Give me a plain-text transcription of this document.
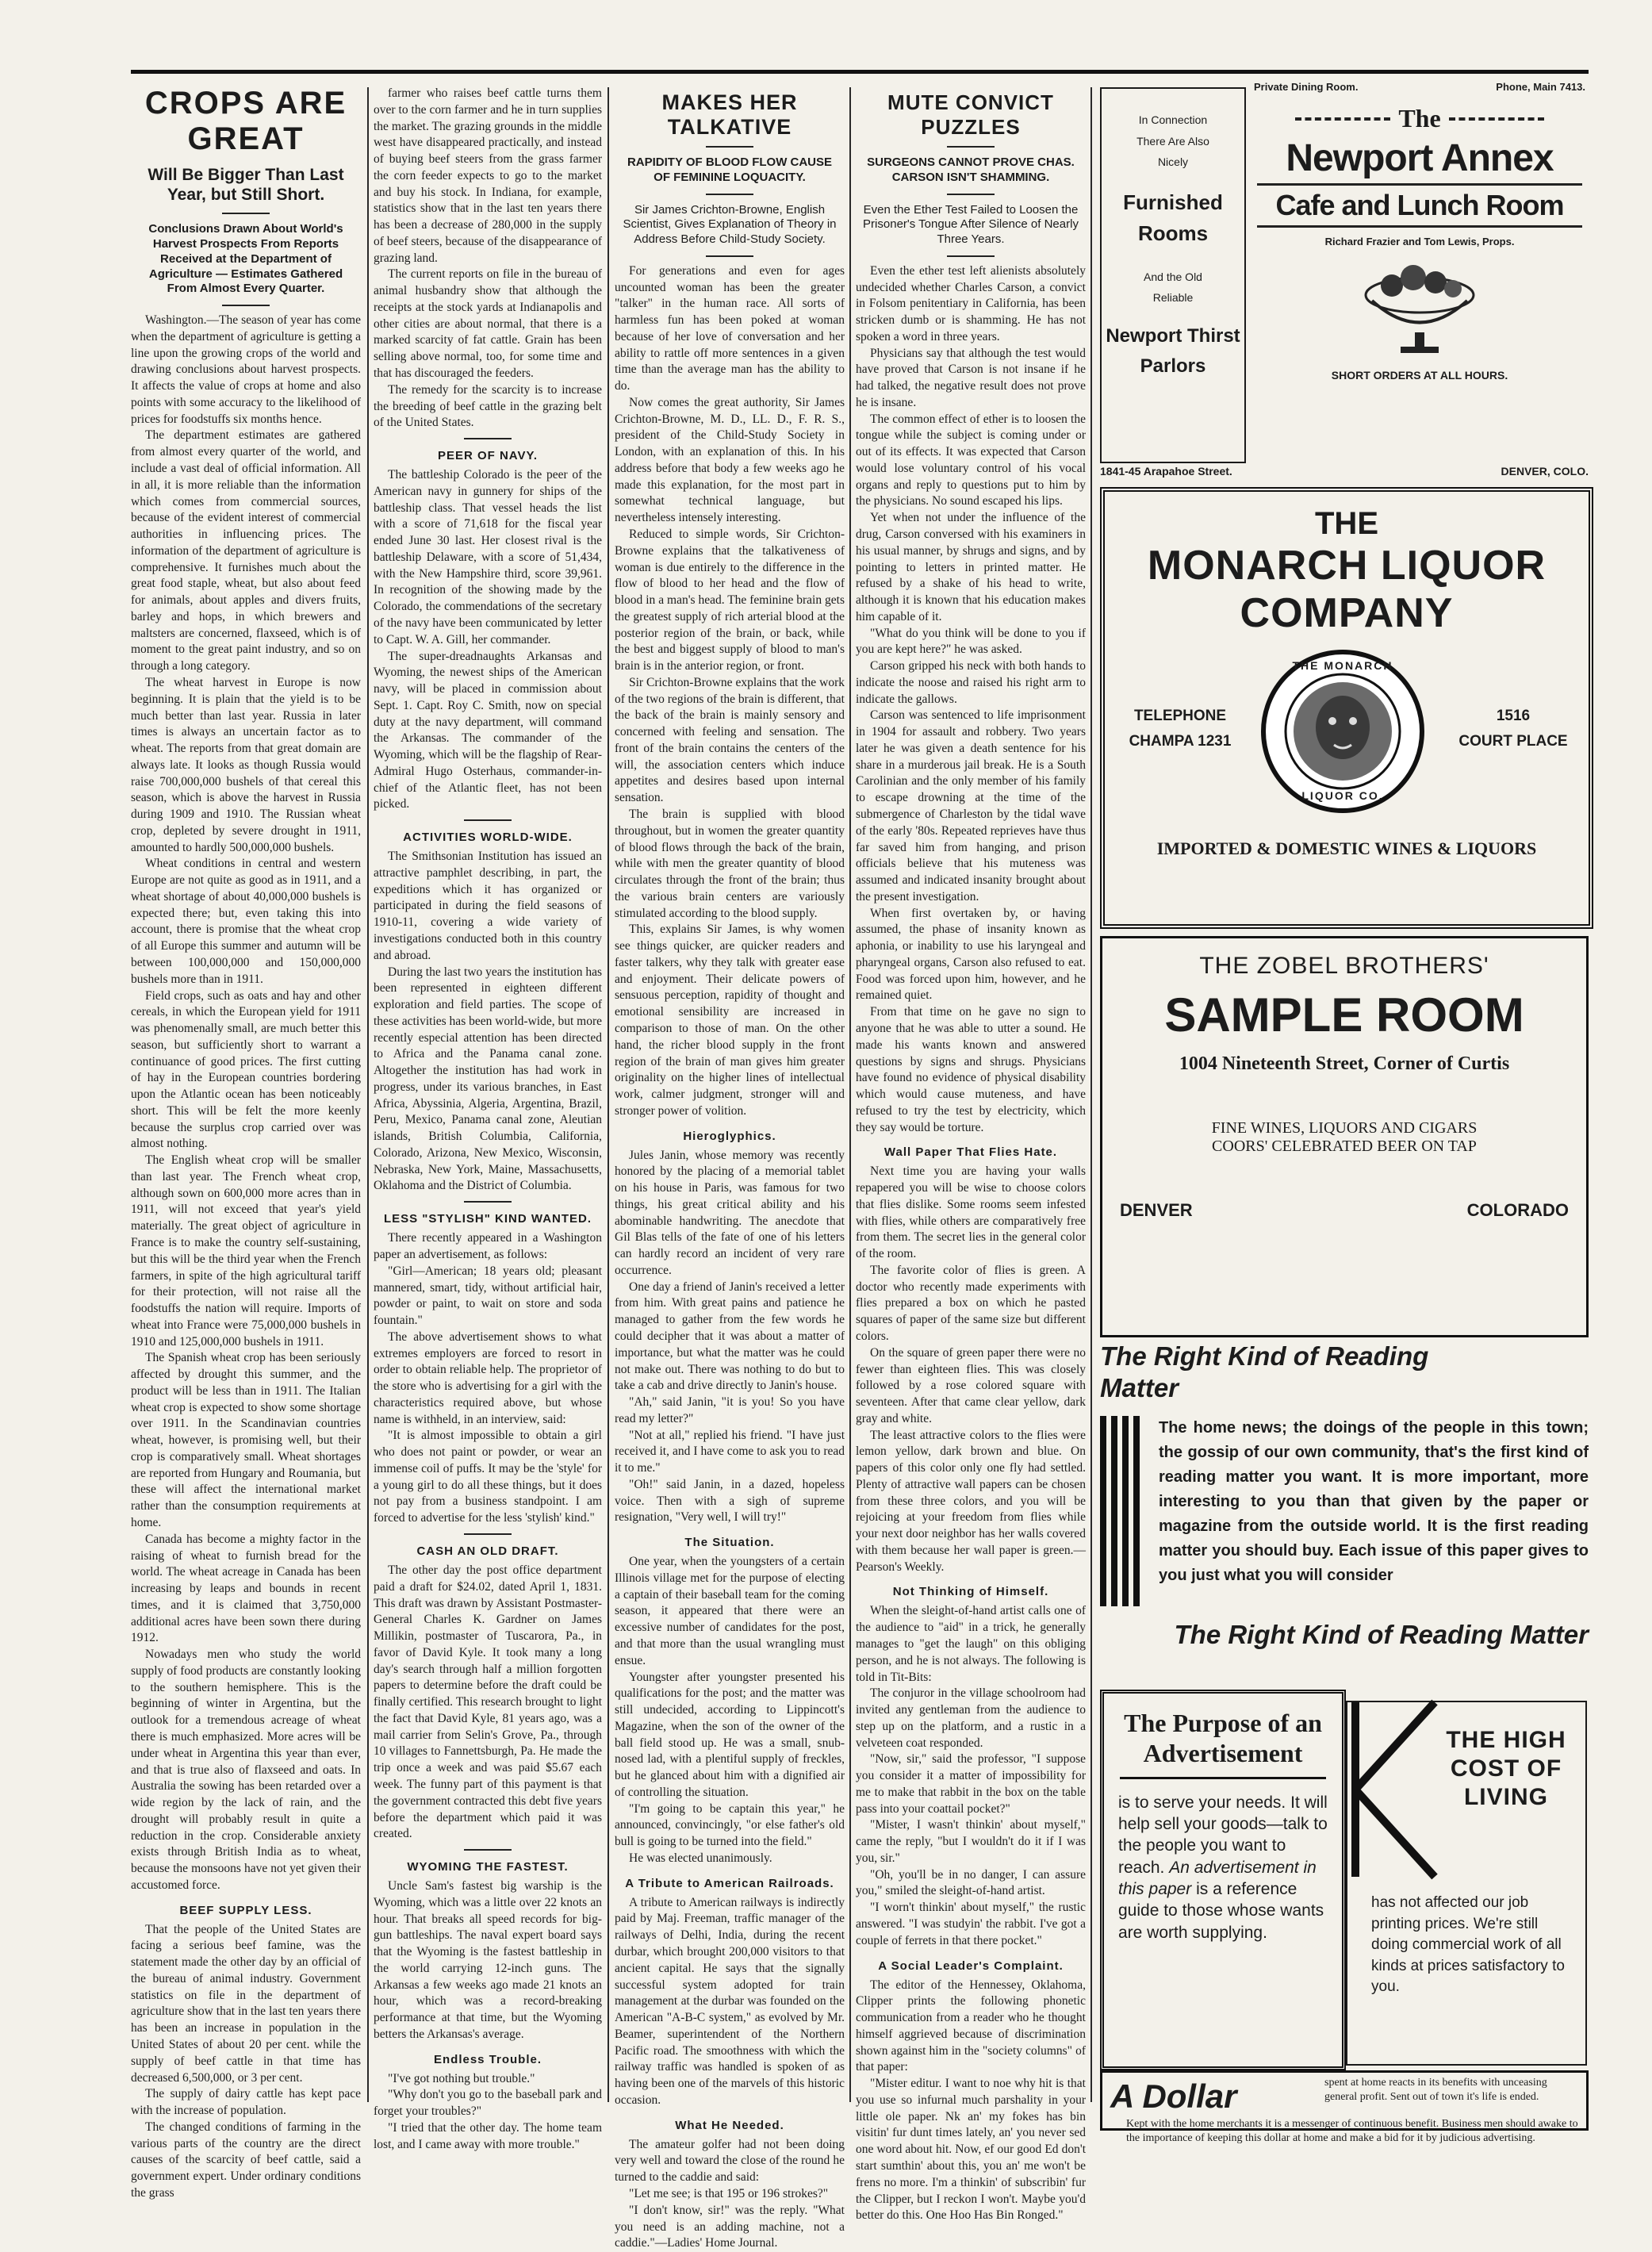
CROPS ARE GREAT
Will Be Bigger Than Last Year, but Still Short.
Conclusions Drawn About World's Harvest Prospects From Reports Received at the Department of Agriculture — Estimates Gathered From Almost Every Quarter.

Washington.—The season of year has come when the department of agriculture is getting a line upon the growing crops of the world and drawing conclusions about harvest prospects. It affects the value of crops at home and also points with some accuracy to the likelihood of prices for foodstuffs six months hence.

The department estimates are gathered from almost every quarter of the world, and include a vast deal of official information. All in all, it is more reliable than the information which comes from commercial sources, because of the evident interest of commercial authorities in influencing prices. The information of the department of agriculture is comprehensive. It furnishes much about the great food staple, wheat, but also about feed for animals, about apples and divers fruits, barley and hops, in which brewers and maltsters are concerned, flaxseed, which is of moment to the great paint industry, and so on through a long category.

The wheat harvest in Europe is now beginning. It is plain that the yield is to be much better than last year. Russia in later times is always an uncertain factor as to wheat. The reports from that great domain are always late. It looks as though Russia would raise 700,000,000 bushels of that cereal this season, which is above the harvest in Russia during 1909 and 1910. The Russian wheat crop, depleted by severe drought in 1911, amounted to hardly 500,000,000 bushels.

Wheat conditions in central and western Europe are not quite as good as in 1911, and a wheat shortage of about 40,000,000 bushels is expected there; but, even taking this into account, there is promise that the wheat crop of all Europe this summer and autumn will be between 100,000,000 and 150,000,000 bushels more than in 1911.

Field crops, such as oats and hay and other cereals, in which the European yield for 1911 was phenomenally small, are much better this season, but sufficiently short to warrant a continuance of good prices. The first cutting of hay in the European countries bordering upon the Atlantic ocean has been noticeably short. This will be felt the more keenly because the surplus crop carried over was almost nothing.

The English wheat crop will be smaller than last year. The French wheat crop, although sown on 600,000 more acres than in 1911, will not exceed that year's yield materially. The great object of agriculture in France is to make the country self-sustaining, but this will be the third year when the French farmers, in spite of the high agricultural tariff for their protection, will not raise all the foodstuffs the nation will require. Imports of wheat into France were 75,000,000 bushels in 1910 and 125,000,000 bushels in 1911.

The Spanish wheat crop has been seriously affected by drought this summer, and the product will be less than in 1911. The Italian wheat crop is expected to show some shortage over 1911. In the Scandinavian countries wheat, however, is promising well, but their crop is comparatively small. Wheat shortages are reported from Hungary and Roumania, but these will affect the international market rather than the consumption requirements at home.

Canada has become a mighty factor in the raising of wheat to furnish bread for the world. The wheat acreage in Canada has been increasing by leaps and bounds in recent times, and it is claimed that 3,750,000 additional acres have been sown there during 1912.

Nowadays men who study the world supply of food products are constantly looking to the southern hemisphere. This is the beginning of winter in Argentina, but the outlook for a tremendous acreage of wheat there is much emphasized. More acres will be under wheat in Argentina this year than ever, and that is true also of flaxseed and oats. In Australia the sowing has been retarded over a wide region by the lack of rain, and the drought will probably result in quite a reduction in the crop. Considerable anxiety exists through British India as to wheat, because the monsoons have not yet given their accustomed force.

BEEF SUPPLY LESS.

That the people of the United States are facing a serious beef famine, was the statement made the other day by an official of the bureau of animal industry. Government statistics on file in the department of agriculture show that in the last ten years there has been an increase in population in the United States of about 20 per cent. while the supply of beef cattle in that time has decreased 6,500,000, or 3 per cent.

The supply of dairy cattle has kept pace with the increase of population.

The changed conditions of farming in the various parts of the country are the direct causes of the scarcity of beef cattle, said a government expert. Under ordinary conditions the grass

farmer who raises beef cattle turns them over to the corn farmer and he in turn supplies the market. The grazing grounds in the middle west have disappeared practically, and instead of buying beef steers from the grass farmer the corn feeder expects to go to the market and buy his stock. In Indiana, for example, statistics show that in the last ten years there has been a decrease of 280,000 in the supply of beef steers, because of the disappearance of grazing land.

The current reports on file in the bureau of animal husbandry show that although the receipts at the stock yards at Indianapolis and other cities are about normal, that there is a marked scarcity of fat cattle. Grain has been selling above normal, too, for some time and that has discouraged the feeders.

The remedy for the scarcity is to increase the breeding of beef cattle in the grazing belt of the United States.

PEER OF NAVY.

The battleship Colorado is the peer of the American navy in gunnery for ships of the battleship class. That vessel heads the list with a score of 71,618 for the fiscal year ended June 30 last. Her closest rival is the battleship Delaware, with a score of 51,434, with the New Hampshire third, score 39,961. In recognition of the showing made by the Colorado, the commendations of the secretary of the navy have been communicated by letter to Capt. W. A. Gill, her commander.

The super-dreadnaughts Arkansas and Wyoming, the newest ships of the American navy, will be placed in commission about Sept. 1. Capt. Roy C. Smith, now on special duty at the navy department, will command the Arkansas. The commander of the Wyoming, which will be the flagship of Rear-Admiral Hugo Osterhaus, commander-in-chief of the Atlantic fleet, has not been picked.

ACTIVITIES WORLD-WIDE.

The Smithsonian Institution has issued an attractive pamphlet describing, in part, the expeditions which it has organized or participated in during the field seasons of 1910-11, covering a wide variety of investigations conducted both in this country and abroad.

During the last two years the institution has been represented in eighteen different exploration and field parties. The scope of these activities has been world-wide, but more recently especial attention has been directed to Africa and the Panama canal zone. Altogether the institution has had work in progress, under its various branches, in East Africa, Abyssinia, Algeria, Argentina, Brazil, Peru, Mexico, Panama canal zone, Aleutian islands, British Columbia, California, Colorado, Arizona, New Mexico, Wisconsin, Nebraska, New York, Maine, Massachusetts, Oklahoma and the District of Columbia.

LESS "STYLISH" KIND WANTED.

There recently appeared in a Washington paper an advertisement, as follows:

"Girl—American; 18 years old; pleasant mannered, smart, tidy, without artificial hair, powder or paint, to wait on store and soda fountain."

The above advertisement shows to what extremes employers are forced to resort in order to obtain reliable help. The proprietor of the store who is advertising for a girl with the characteristics required above, but whose name is withheld, in an interview, said:

"It is almost impossible to obtain a girl who does not paint or powder, or wear an immense coil of puffs. It may be the 'style' for a young girl to do all these things, but it does not pay from a business standpoint. I am forced to advertise for the less 'stylish' kind."

CASH AN OLD DRAFT.

The other day the post office department paid a draft for $24.02, dated April 1, 1831. This draft was drawn by Assistant Postmaster-General Charles K. Gardner on James Millikin, postmaster of Tuscarora, Pa., in favor of David Kyle. It took many a long day's search through half a million forgotten papers to determine before the draft could be finally certified. This research brought to light the fact that David Kyle, 81 years ago, was a mail carrier from Selin's Grove, Pa., through 10 villages to Fannettsburgh, Pa. He made the trip once a week and was paid $5.67 each week. The funny part of this payment is that the government contracted this debt five years before the department which paid it was created.

WYOMING THE FASTEST.

Uncle Sam's fastest big warship is the Wyoming, which was a little over 22 knots an hour. That breaks all speed records for big-gun battleships. The naval expert board says that the Wyoming is the fastest battleship in the world carrying 12-inch guns. The Arkansas a few weeks ago made 21 knots an hour, which was a record-breaking performance at that time, but the Wyoming betters the Arkansas's average.

Endless Trouble.

"I've got nothing but trouble."

"Why don't you go to the baseball park and forget your troubles?"

"I tried that the other day. The home team lost, and I came away with more trouble."

MAKES HER TALKATIVE
RAPIDITY OF BLOOD FLOW CAUSE OF FEMININE LOQUACITY.
Sir James Crichton-Browne, English Scientist, Gives Explanation of Theory in Address Before Child-Study Society.

For generations and even for ages uncounted woman has been the greater "talker" in the human race. All sorts of harmless fun has been poked at woman because of her love of conversation and her ability to rattle off more sentences in a given time than the average man has the ability to do.

Now comes the great authority, Sir James Crichton-Browne, M. D., LL. D., F. R. S., president of the Child-Study Society in London, with an explanation of this. In his address before that body a few weeks ago he made this explanation, for the most part in somewhat technical language, but nevertheless intensely interesting.

Reduced to simple words, Sir Crichton-Browne explains that the talkativeness of woman is due entirely to the difference in the flow of blood to her head and the flow of blood in a man's head. The feminine brain gets the greatest supply of rich arterial blood at the posterior region of the brain, or back, while the best and biggest supply of blood to man's brain is in the anterior region, or front.

Sir Crichton-Browne explains that the work of the two regions of the brain is different, that the back of the brain is mainly sensory and concerned with feeling and sensation. The front of the brain contains the centers of the will, the association centers which induce appetites and desires based upon internal sensation.

The brain is supplied with blood throughout, but in women the greater quantity of blood flows through the back of the brain, while with men the greater quantity of blood circulates through the front of the brain; thus the various brain centers are variously stimulated according to the blood supply.

This, explains Sir James, is why women see things quicker, are quicker readers and faster talkers, why they talk with greater ease and enjoyment. Their delicate powers of sensuous perception, rapidity of thought and emotional sensibility are increased in comparison to those of man. On the other hand, the richer blood supply in the front region of the brain of man gives him greater originality on the higher lines of intellectual work, calmer judgment, stronger will and stronger power of volition.

Hieroglyphics.

Jules Janin, whose memory was recently honored by the placing of a memorial tablet on his house in Paris, was famous for two things, his great critical ability and his abominable handwriting. The anecdote that Gil Blas tells of the fate of one of his letters can hardly record an incident of very rare occurrence.

One day a friend of Janin's received a letter from him. With great pains and patience he managed to gather from the few words he could decipher that it was about a matter of importance, but what the matter was he could not make out. There was nothing to do but to take a cab and drive directly to Janin's house.

"Ah," said Janin, "it is you! So you have read my letter?"

"Not at all," replied his friend. "I have just received it, and I have come to ask you to read it to me."

"Oh!" said Janin, in a dazed, hopeless voice. Then with a sigh of supreme resignation, "Very well, I will try!"

The Situation.

One year, when the youngsters of a certain Illinois village met for the purpose of electing a captain of their baseball team for the coming season, it appeared that there were an excessive number of candidates for the post, and that more than the usual wrangling must ensue.

Youngster after youngster presented his qualifications for the post; and the matter was still undecided, according to Lippincott's Magazine, when the son of the owner of the ball field stood up. He was a small, snub-nosed lad, with a plentiful supply of freckles, but he glanced about him with a dignified air of controlling the situation.

"I'm going to be captain this year," he announced, convincingly, "or else father's old bull is going to be turned into the field."

He was elected unanimously.

A Tribute to American Railroads.

A tribute to American railways is indirectly paid by Maj. Freeman, traffic manager of the railways of Delhi, India, during the recent durbar, which brought 200,000 visitors to that ancient capital. He says that the signally successful system adopted for train management at the durbar was founded on the American "A-B-C system," as evolved by Mr. Beamer, superintendent of the Northern Pacific road. The smoothness with which the railway traffic was handled is spoken of as having been one of the marvels of this historic occasion.

What He Needed.

The amateur golfer had not been doing very well and toward the close of the round he turned to the caddie and said:

"Let me see; is that 195 or 196 strokes?"

"I don't know, sir!" was the reply. "What you need is an adding machine, not a caddie."—Ladies' Home Journal.

MUTE CONVICT PUZZLES
SURGEONS CANNOT PROVE CHAS. CARSON ISN'T SHAMMING.
Even the Ether Test Failed to Loosen the Prisoner's Tongue After Silence of Nearly Three Years.

Even the ether test left alienists absolutely undecided whether Charles Carson, a convict in Folsom penitentiary in California, has been stricken dumb or is shamming. He has not spoken a word in three years.

Physicians say that although the test would have proved that Carson is not insane if he had talked, the negative result does not prove he is insane.

The common effect of ether is to loosen the tongue while the subject is coming under or out of its effects. It was expected that Carson would lose voluntary control of his vocal organs and reply to questions put to him by the physicians. No sound escaped his lips.

Yet when not under the influence of the drug, Carson conversed with his examiners in his usual manner, by shrugs and signs, and by pointing to letters in printed matter. He refused by a shake of his head to write, although it is known that his education makes him capable of it.

"What do you think will be done to you if you are kept here?" he was asked.

Carson gripped his neck with both hands to indicate the noose and raised his right arm to indicate the gallows.

Carson was sentenced to life imprisonment in 1904 for assault and robbery. Two years later he was given a death sentence for his share in a murderous jail break. He is a South Carolinian and the only member of his family to escape drowning at the time of the submergence of Charleston by the tidal wave of the early '80s. Repeated reprieves have thus far saved him from hanging, and prison officials believe that his muteness was assumed and indicated insanity brought about the present investigation.

When first overtaken by, or having assumed, the phase of insanity known as aphonia, or inability to use his laryngeal and pharyngeal organs, Carson also refused to eat. Food was forced upon him, however, and he remained quiet.

From that time on he gave no sign to anyone that he was able to utter a sound. He made his wants known and answered questions by signs and shrugs. Physicians have found no evidence of physical disability which would cause muteness, and have refused to try the test by electricity, which they say would be torture.

Wall Paper That Flies Hate.

Next time you are having your walls repapered you will be wise to choose colors that flies dislike. Some rooms seem infested with flies, while others are comparatively free from them. The secret lies in the general color of the room.

The favorite color of flies is green. A doctor who recently made experiments with flies prepared a box on which he pasted squares of paper of the same size but different colors.

On the square of green paper there were no fewer than eighteen flies. This was closely followed by a rose colored square with seventeen. After that came clear yellow, dark gray and white.

The least attractive colors to the flies were lemon yellow, dark brown and blue. On papers of this color only one fly had settled. Plenty of attractive wall papers can be chosen from these three colors, and you will be rejoicing at your freedom from flies while your next door neighbor has her walls covered with them because her wall paper is green.—Pearson's Weekly.

Not Thinking of Himself.

When the sleight-of-hand artist calls one of the audience to "aid" in a trick, he generally manages to "get the laugh" on this obliging person, and he is not always. The following is told in Tit-Bits:

The conjuror in the village schoolroom had invited any gentleman from the audience to step up on the platform, and a rustic in a velveteen coat responded.

"Now, sir," said the professor, "I suppose you consider it a matter of impossibility for me to make that rabbit in the box on the table pass into your coattail pocket?"

"Mister, I wasn't thinkin' about myself," came the reply, "but I wouldn't do it if I was you, sir."

"Oh, you'll be in no danger, I can assure you," smiled the sleight-of-hand artist.

"I worn't thinkin' about myself," the rustic answered. "I was studyin' the rabbit. I've got a couple of ferrets in that there pocket."

A Social Leader's Complaint.

The editor of the Hennessey, Oklahoma, Clipper prints the following phonetic communication from a reader who he thought himself aggrieved because of discrimination shown against him in the "society columns" of that paper:

"Mister editur. I want to noe why hit is that you use so infurnal much parshality in your little ole paper. Nk an' my fokes has bin visitin' fur dunt times lately, an' you never sed one word about hit. Now, ef our good Ed don't start sumthin' about this, you an' me won't be frens no more. I'm a thinkin' of subscribin' fur the Clipper, but I reckon I won't. Maybe you'd better do this. One Hoo Has Bin Ronged."

In Connection
There Are Also
Nicely
Furnished
Rooms
And the Old
Reliable
Newport Thirst
Parlors
Private Dining Room.	Phone, Main 7413.
The
Newport Annex
Cafe and Lunch Room
Richard Frazier and Tom Lewis, Props.
SHORT ORDERS AT ALL HOURS.
1841-45 Arapahoe Street.	DENVER, COLO.
THE
MONARCH LIQUOR
COMPANY
TELEPHONE
CHAMPA 1231
THE MONARCH
LIQUOR CO.
1516
COURT PLACE
IMPORTED & DOMESTIC WINES & LIQUORS
THE ZOBEL BROTHERS'
SAMPLE ROOM
1004 Nineteenth Street, Corner of Curtis
FINE WINES, LIQUORS AND CIGARS
COORS' CELEBRATED BEER ON TAP
DENVER	COLORADO
The Right Kind of Reading Matter
The home news; the doings of the people in this town; the gossip of our own community, that's the first kind of reading matter you want. It is more important, more interesting to you than that given by the paper or magazine from the outside world. It is the first reading matter you should buy. Each issue of this paper gives to you just what you will consider
The Right Kind of Reading Matter
The Purpose of an Advertisement
is to serve your needs. It will help sell your goods—talk to the people you want to reach. An advertisement in this paper is a reference guide to those whose wants are worth supplying.
THE HIGH COST OF LIVING
has not affected our job printing prices. We're still doing commercial work of all kinds at prices satisfactory to you.
A Dollar	spent at home reacts in its benefits with unceasing general profit. Sent out of town it's life is ended.
Kept with the home merchants it is a messenger of continuous benefit. Business men should awake to the importance of keeping this dollar at home and make a bid for it by judicious advertising.
